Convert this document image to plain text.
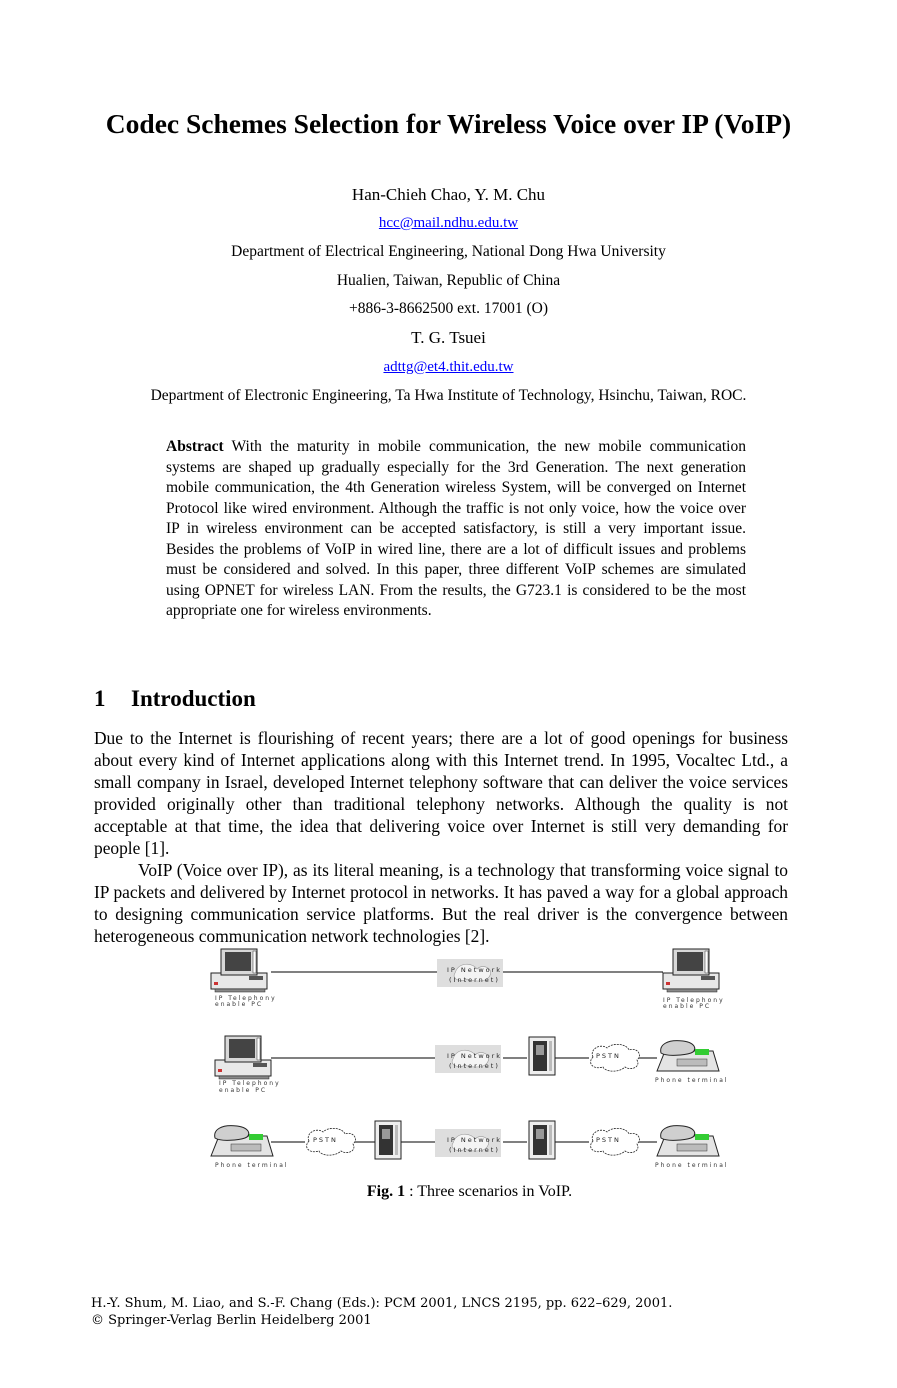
Codec Schemes Selection for Wireless Voice over IP (VoIP)
Han-Chieh Chao, Y. M. Chu
hcc@mail.ndhu.edu.tw
Department of Electrical Engineering, National Dong Hwa University
Hualien, Taiwan, Republic of China
+886-3-8662500 ext. 17001 (O)
T. G. Tsuei
adttg@et4.thit.edu.tw
Department of Electronic Engineering, Ta Hwa Institute of Technology, Hsinchu, Taiwan, ROC.
Abstract With the maturity in mobile communication, the new mobile communication systems are shaped up gradually especially for the 3rd Generation. The next generation mobile communication, the 4th Generation wireless System, will be converged on Internet Protocol like wired environment. Although the traffic is not only voice, how the voice over IP in wireless environment can be accepted satisfactory, is still a very important issue. Besides the problems of VoIP in wired line, there are a lot of difficult issues and problems must be considered and solved. In this paper, three different VoIP schemes are simulated using OPNET for wireless LAN. From the results, the G723.1 is considered to be the most appropriate one for wireless environments.
1 Introduction

Due to the Internet is flourishing of recent years; there are a lot of good openings for business about every kind of Internet applications along with this Internet trend. In 1995, Vocaltec Ltd., a small company in Israel, developed Internet telephony software that can deliver the voice services provided originally other than traditional telephony networks. Although the quality is not acceptable at that time, the idea that delivering voice over Internet is still very demanding for people [1].

VoIP (Voice over IP), as its literal meaning, is a technology that transforming voice signal to IP packets and delivered by Internet protocol in networks. It has paved a way for a global approach to designing communication service platforms. But the real driver is the convergence between heterogeneous communication network technologies [2].

IP Network
(Internet)
IP Telephony
enable PC
IP Telephony
enable PC
IP Network
(Internet)
PSTN
IP Telephony
enable PC
Phone terminal
PSTN	IP Network
(Internet)
PSTN
Phone terminal	Phone terminal
Fig. 1 : Three scenarios in VoIP.
H.-Y. Shum, M. Liao, and S.-F. Chang (Eds.): PCM 2001, LNCS 2195, pp. 622–629, 2001.
© Springer-Verlag Berlin Heidelberg 2001
